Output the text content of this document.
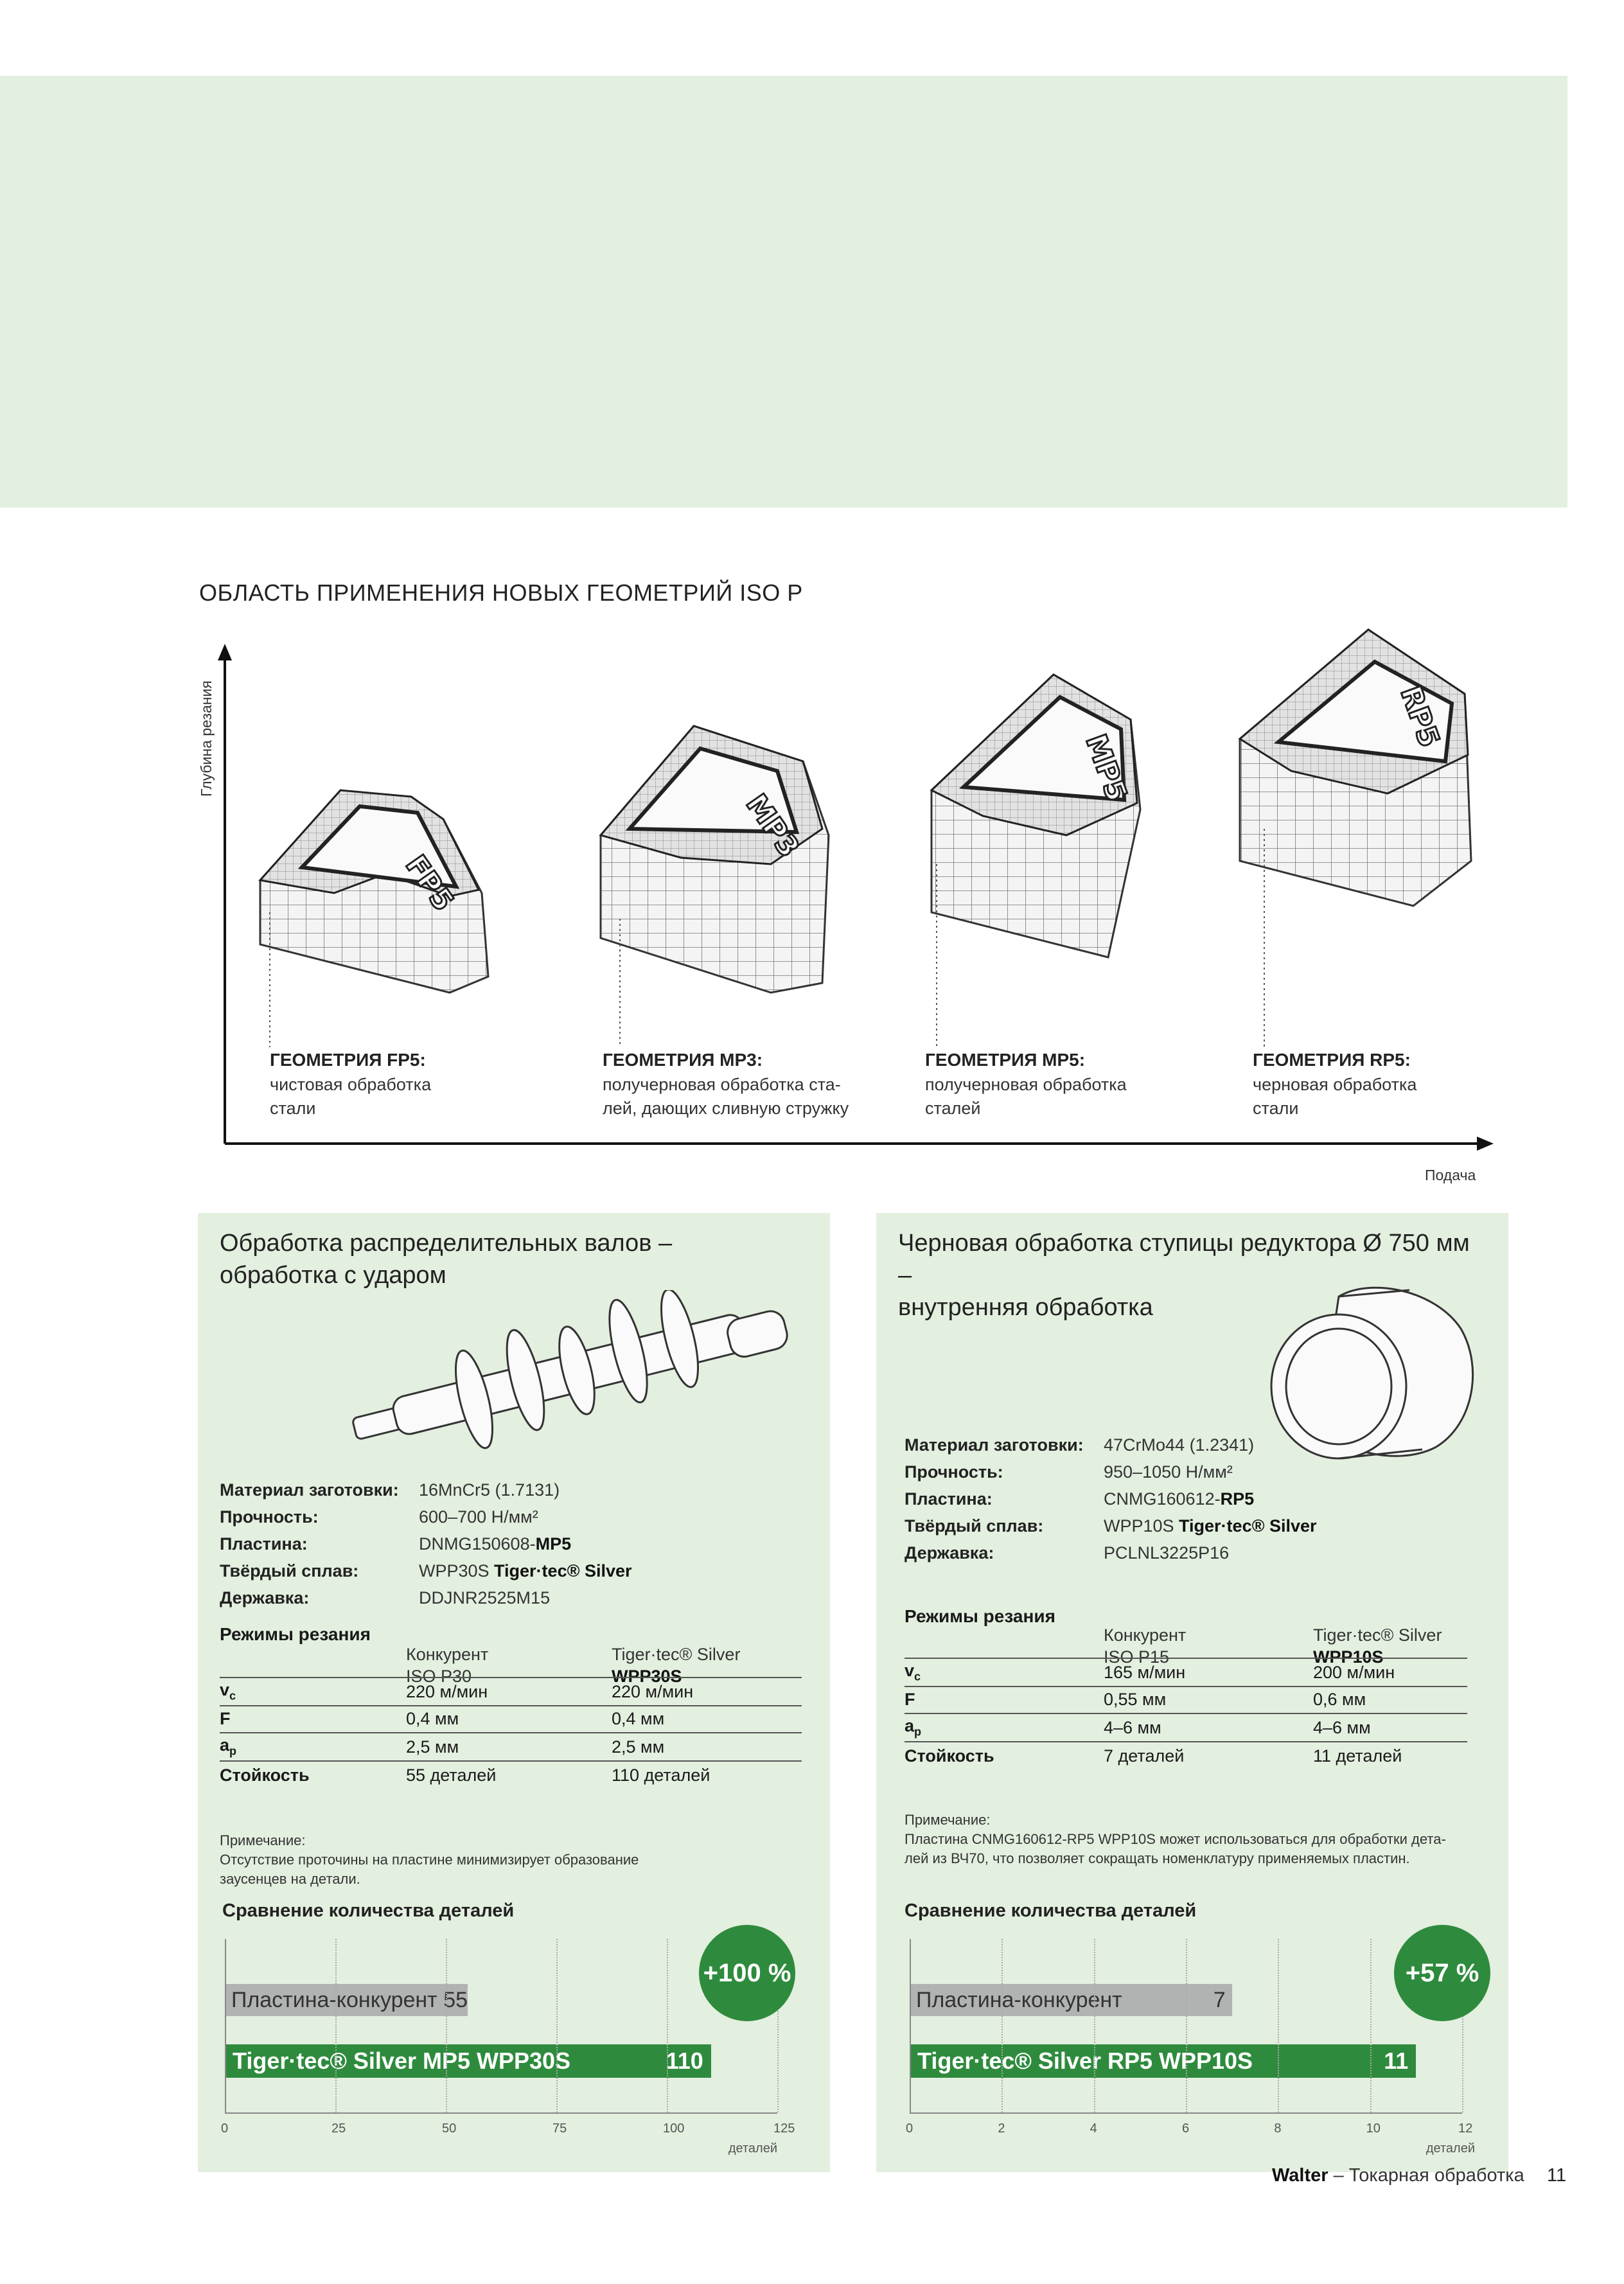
ОБЛАСТЬ ПРИМЕНЕНИЯ НОВЫХ ГЕОМЕТРИЙ ISO P
FP5
MP3
MP5
RP5
Глубина резания
Подача
ГЕОМЕТРИЯ FP5:
чистовая обработка
стали
ГЕОМЕТРИЯ MP3:
получерновая обработка ста-
лей, дающих сливную стружку
ГЕОМЕТРИЯ MP5:
получерновая обработка
сталей
ГЕОМЕТРИЯ RP5:
черновая обработка
стали
Обработка распределительных валов –
обработка с ударом
Материал заготовки:	16MnCr5 (1.7131)
Прочность:	600–700 Н/мм²
Пластина:	DNMG150608-MP5
Твёрдый сплав:	WPP30S Tiger·tec® Silver
Державка:	DDJNR2525M15
Режимы резания
Конкурент
ISO P30
Tiger·tec® Silver
WPP30S
$v_c$	220 м/мин	220 м/мин
F	0,4 мм	0,4 мм
$a_p$	2,5 мм	2,5 мм
Стойкость	55 деталей	110 деталей
Примечание:
Отсутствие проточины на пластине минимизирует образование
заусенцев на детали.
Сравнение количества деталей
Пластина-конкурент 55
Tiger·tec® Silver MP5 WPP30S	110
деталей
0	25	50	75	100	125
+100 %
Черновая обработка ступицы редуктора Ø 750 мм –
внутренняя обработка
Материал заготовки:	47CrMo44 (1.2341)
Прочность:	950–1050 Н/мм²
Пластина:	CNMG160612-RP5
Твёрдый сплав:	WPP10S Tiger·tec® Silver
Державка:	PCLNL3225P16
Режимы резания
Конкурент
ISO P15
Tiger·tec® Silver
WPP10S
$v_c$	165 м/мин	200 м/мин
F	0,55 мм	0,6 мм
$a_p$	4–6 мм	4–6 мм
Стойкость	7 деталей	11 деталей
Примечание:
Пластина CNMG160612-RP5 WPP10S может использоваться для обработки дета-
лей из ВЧ70, что позволяет сокращать номенклатуру применяемых пластин.
Сравнение количества деталей
Пластина-конкурент	7
Tiger·tec® Silver RP5 WPP10S	11
деталей
0	2	4	6	8	10	12
+57 %
Walter – Токарная обработка 11
